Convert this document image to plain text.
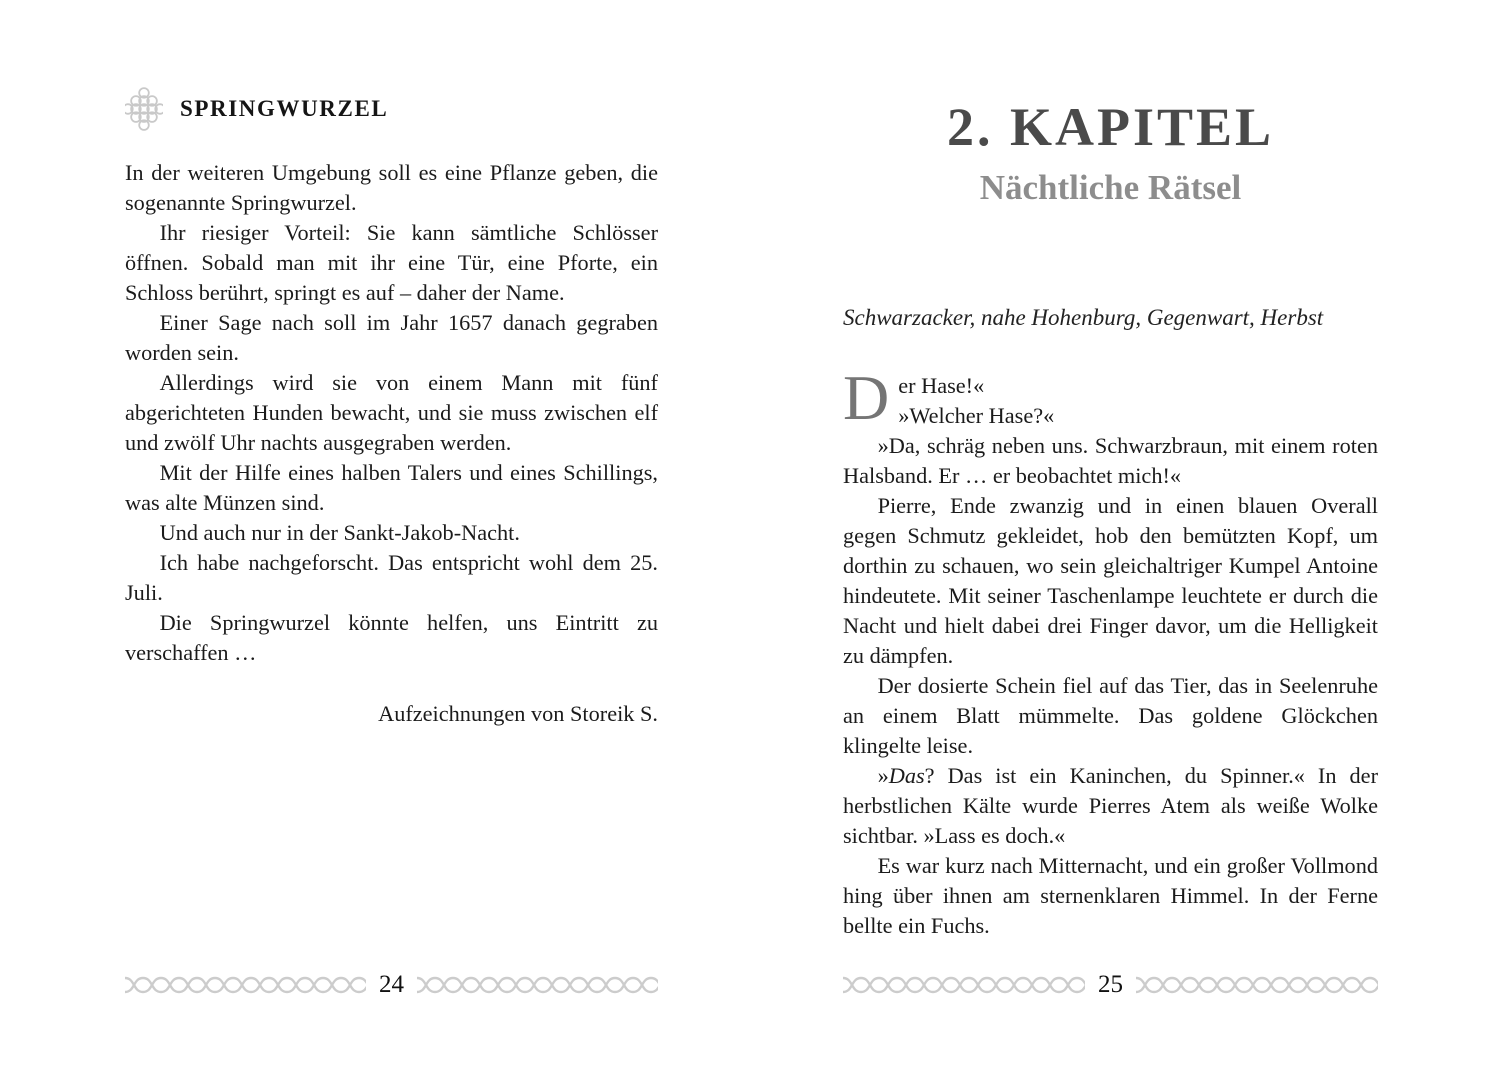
SPRINGWURZEL

In der weiteren Umgebung soll es eine Pflanze geben, die sogenannte Springwurzel.

Ihr riesiger Vorteil: Sie kann sämtliche Schlösser öffnen. Sobald man mit ihr eine Tür, eine Pforte, ein Schloss berührt, springt es auf – daher der Name.

Einer Sage nach soll im Jahr 1657 danach gegraben worden sein.

Allerdings wird sie von einem Mann mit fünf abgerichteten Hunden bewacht, und sie muss zwischen elf und zwölf Uhr nachts ausgegraben werden.

Mit der Hilfe eines halben Talers und eines Schillings, was alte Münzen sind.

Und auch nur in der Sankt-Jakob-Nacht.

Ich habe nachgeforscht. Das entspricht wohl dem 25. Juli.

Die Springwurzel könnte helfen, uns Eintritt zu verschaffen …

Aufzeichnungen von Storeik S.
24
2. KAPITEL
Nächtliche Rätsel
Schwarzacker, nahe Hohenburg, Gegenwart, Herbst

Der Hase!«
»Welcher Hase?«

»Da, schräg neben uns. Schwarzbraun, mit einem roten Halsband. Er … er beobachtet mich!«

Pierre, Ende zwanzig und in einen blauen Overall gegen Schmutz gekleidet, hob den bemützten Kopf, um dorthin zu schauen, wo sein gleichaltriger Kumpel Antoine hindeutete. Mit seiner Taschenlampe leuchtete er durch die Nacht und hielt dabei drei Finger davor, um die Helligkeit zu dämpfen.

Der dosierte Schein fiel auf das Tier, das in Seelenruhe an einem Blatt mümmelte. Das goldene Glöckchen klingelte leise.

»Das? Das ist ein Kaninchen, du Spinner.« In der herbstlichen Kälte wurde Pierres Atem als weiße Wolke sichtbar. »Lass es doch.«

Es war kurz nach Mitternacht, und ein großer Vollmond hing über ihnen am sternenklaren Himmel. In der Ferne bellte ein Fuchs.

25
